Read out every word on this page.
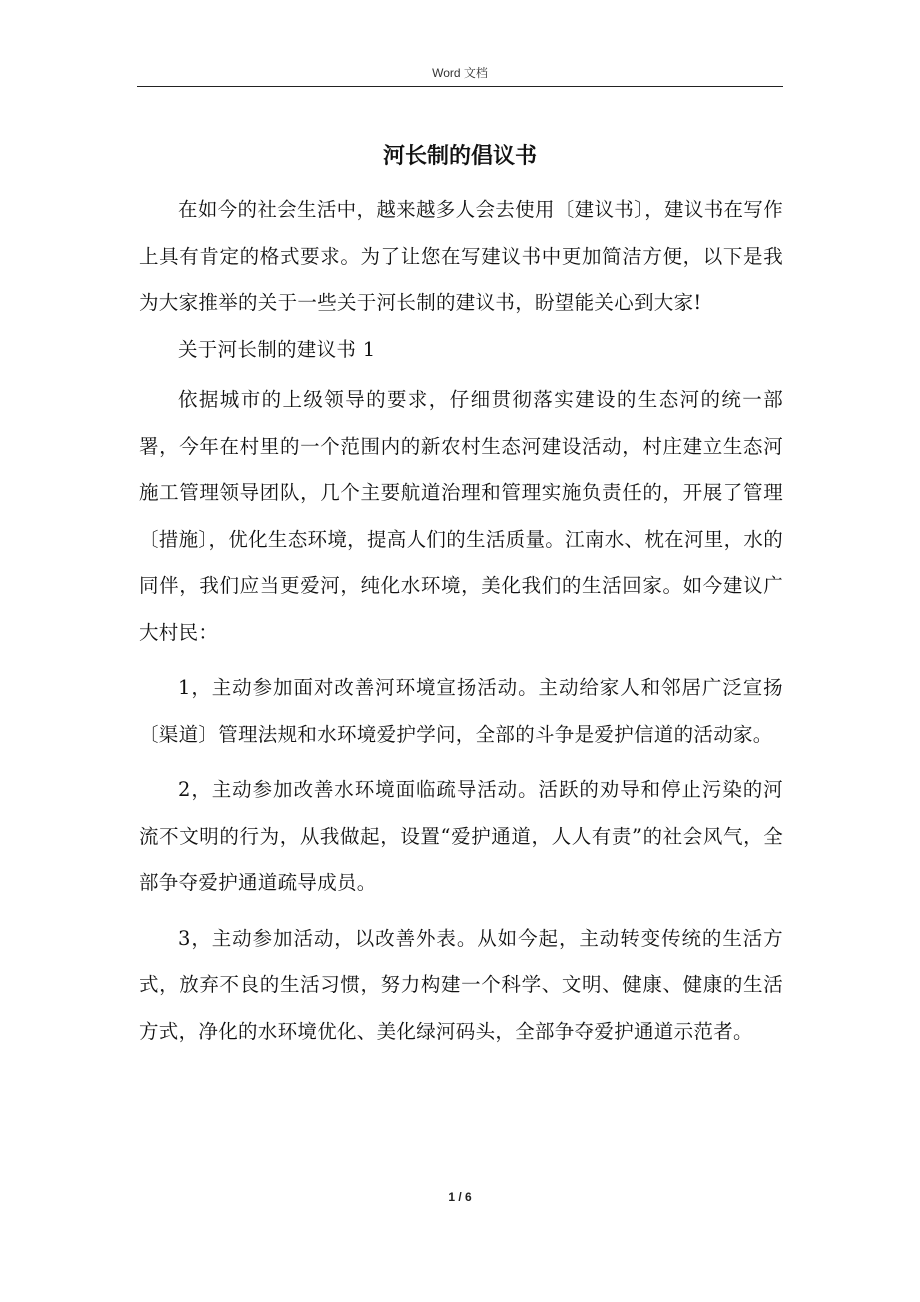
Word 文档
河长制的倡议书

在如今的社会生活中，越来越多人会去使用〔建议书〕，建议书在写作上具有肯定的格式要求。为了让您在写建议书中更加简洁方便，以下是我为大家推举的关于一些关于河长制的建议书，盼望能关心到大家!

关于河长制的建议书 1

依据城市的上级领导的要求，仔细贯彻落实建设的生态河的统一部署，今年在村里的一个范围内的新农村生态河建设活动，村庄建立生态河施工管理领导团队，几个主要航道治理和管理实施负责任的，开展了管理〔措施〕，优化生态环境，提高人们的生活质量。江南水、枕在河里，水的同伴，我们应当更爱河，纯化水环境，美化我们的生活回家。如今建议广大村民：

1，主动参加面对改善河环境宣扬活动。主动给家人和邻居广泛宣扬〔渠道〕管理法规和水环境爱护学问，全部的斗争是爱护信道的活动家。

2，主动参加改善水环境面临疏导活动。活跃的劝导和停止污染的河流不文明的行为，从我做起，设置“爱护通道，人人有责”的社会风气，全部争夺爱护通道疏导成员。

3，主动参加活动，以改善外表。从如今起，主动转变传统的生活方式，放弃不良的生活习惯，努力构建一个科学、文明、健康、健康的生活方式，净化的水环境优化、美化绿河码头，全部争夺爱护通道示范者。

1 / 6
